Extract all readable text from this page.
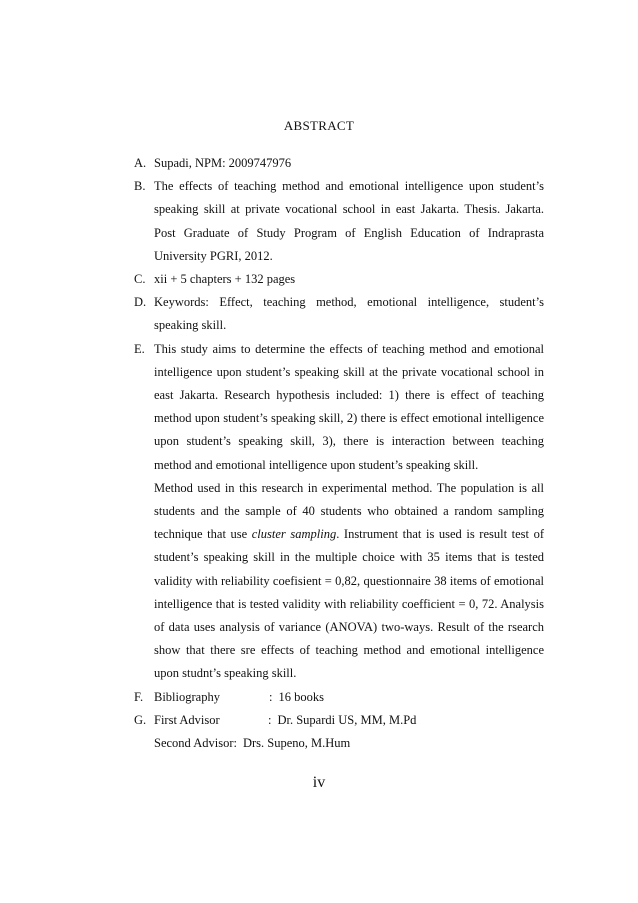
ABSTRACT
A. Supadi, NPM: 2009747976
B. The effects of teaching method and emotional intelligence upon student’s speaking skill at private vocational school in east Jakarta. Thesis. Jakarta. Post Graduate of Study Program of English Education of Indraprasta University PGRI, 2012.

C. xii + 5 chapters + 132 pages
D. Keywords: Effect, teaching method, emotional intelligence, student’s speaking skill.

E. This study aims to determine the effects of teaching method and emotional intelligence upon student’s speaking skill at the private vocational school in east Jakarta. Research hypothesis included: 1) there is effect of teaching method upon student’s speaking skill, 2) there is effect emotional intelligence upon student’s speaking skill, 3), there is interaction between teaching method and emotional intelligence upon student’s speaking skill.

Method used in this research in experimental method. The population is all students and the sample of 40 students who obtained a random sampling technique that use cluster sampling. Instrument that is used is result test of student’s speaking skill in the multiple choice with 35 items that is tested validity with reliability coefisient = 0,82, questionnaire 38 items of emotional intelligence that is tested validity with reliability coefficient = 0, 72. Analysis of data uses analysis of variance (ANOVA) two-ways. Result of the rsearch show that there sre effects of teaching method and emotional intelligence upon studnt’s speaking skill.

F. Bibliography	: 16 books
G. First Advisor	: Dr. Supardi US, MM, M.Pd
Second Advisor: Drs. Supeno, M.Hum
iv
